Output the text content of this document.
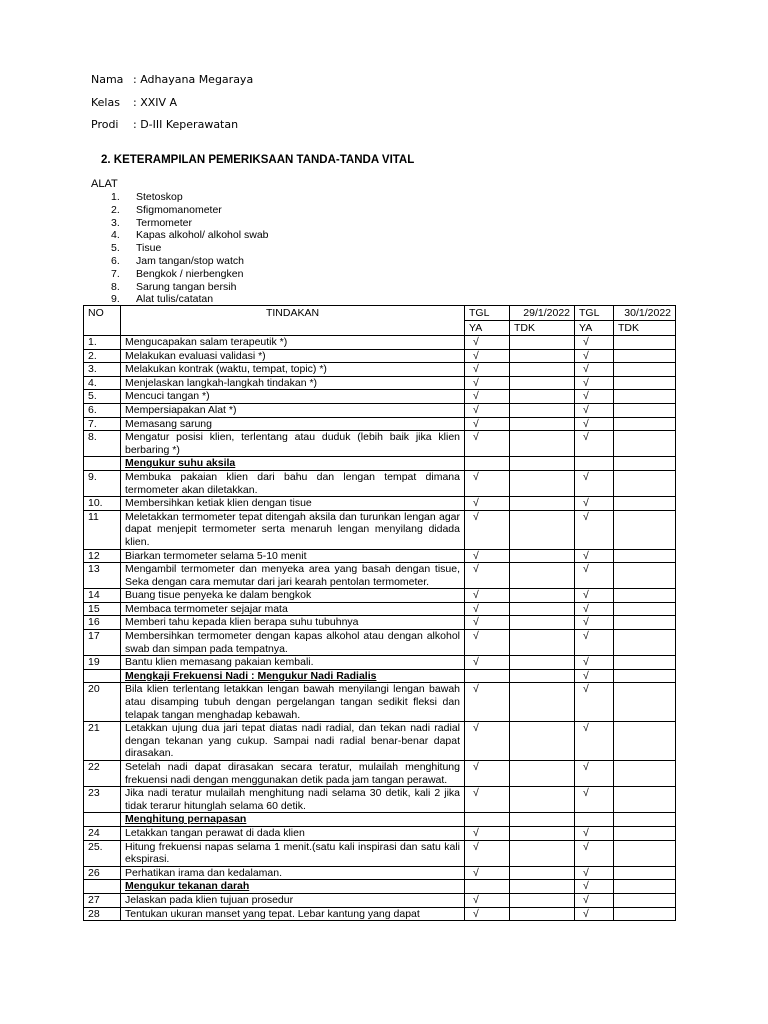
Nama : Adhayana Megaraya
Kelas : XXIV A
Prodi : D-III Keperawatan
2. KETERAMPILAN PEMERIKSAAN TANDA-TANDA VITAL
ALAT
1. Stetoskop
2. Sfigmomanometer
3. Termometer
4. Kapas alkohol/ alkohol swab
5. Tisue
6. Jam tangan/stop watch
7. Bengkok / nierbengken
8. Sarung tangan bersih
9. Alat tulis/catatan
NO	TINDAKAN	TGL	29/1/2022	TGL	30/1/2022
		YA	TDK	YA	TDK
1.	Mengucapakan salam terapeutik *)	√		√	
2.	Melakukan evaluasi validasi *)	√		√	
3.	Melakukan kontrak (waktu, tempat, topic) *)	√		√	
4.	Menjelaskan langkah-langkah tindakan *)	√		√	
5.	Mencuci tangan *)	√		√	
6.	Mempersiapakan Alat *)	√		√	
7.	Memasang sarung	√		√	
8.	Mengatur posisi klien, terlentang atau duduk (lebih baik jika klien berbaring *)	√		√	
	Mengukur suhu aksila				
9.	Membuka pakaian klien dari bahu dan lengan tempat dimana termometer akan diletakkan.	√		√	
10.	Membersihkan ketiak klien dengan tisue	√		√	
11	Meletakkan termometer tepat ditengah aksila dan turunkan lengan agar dapat menjepit termometer serta menaruh lengan menyilang didada klien.	√		√	
12	Biarkan termometer selama 5-10 menit	√		√	
13	Mengambil termometer dan menyeka area yang basah dengan tisue, Seka dengan cara memutar dari jari kearah pentolan termometer.	√		√	
14	Buang tisue penyeka ke dalam bengkok	√		√	
15	Membaca termometer sejajar mata	√		√	
16	Memberi tahu kepada klien berapa suhu tubuhnya	√		√	
17	Membersihkan termometer dengan kapas alkohol atau dengan alkohol swab dan simpan pada tempatnya.	√		√	
19	Bantu klien memasang pakaian kembali.	√		√	
	Mengkaji Frekuensi Nadi : Mengukur Nadi Radialis			√	
20	Bila klien terlentang letakkan lengan bawah menyilangi lengan bawah atau disamping tubuh dengan pergelangan tangan sedikit fleksi dan telapak tangan menghadap kebawah.	√		√	
21	Letakkan ujung dua jari tepat diatas nadi radial, dan tekan nadi radial dengan tekanan yang cukup. Sampai nadi radial benar-benar dapat dirasakan.	√		√	
22	Setelah nadi dapat dirasakan secara teratur, mulailah menghitung frekuensi nadi dengan menggunakan detik pada jam tangan perawat.	√		√	
23	Jika nadi teratur mulailah menghitung nadi selama 30 detik, kali 2 jika tidak terarur hitunglah selama 60 detik.	√		√	
	Menghitung pernapasan				
24	Letakkan tangan perawat di dada klien	√		√	
25.	Hitung frekuensi napas selama 1 menit.(satu kali inspirasi dan satu kali ekspirasi.	√		√	
26	Perhatikan irama dan kedalaman.	√		√	
	Mengukur tekanan darah			√	
27	Jelaskan pada klien tujuan prosedur	√		√	
28	Tentukan ukuran manset yang tepat. Lebar kantung yang dapat	√		√	
